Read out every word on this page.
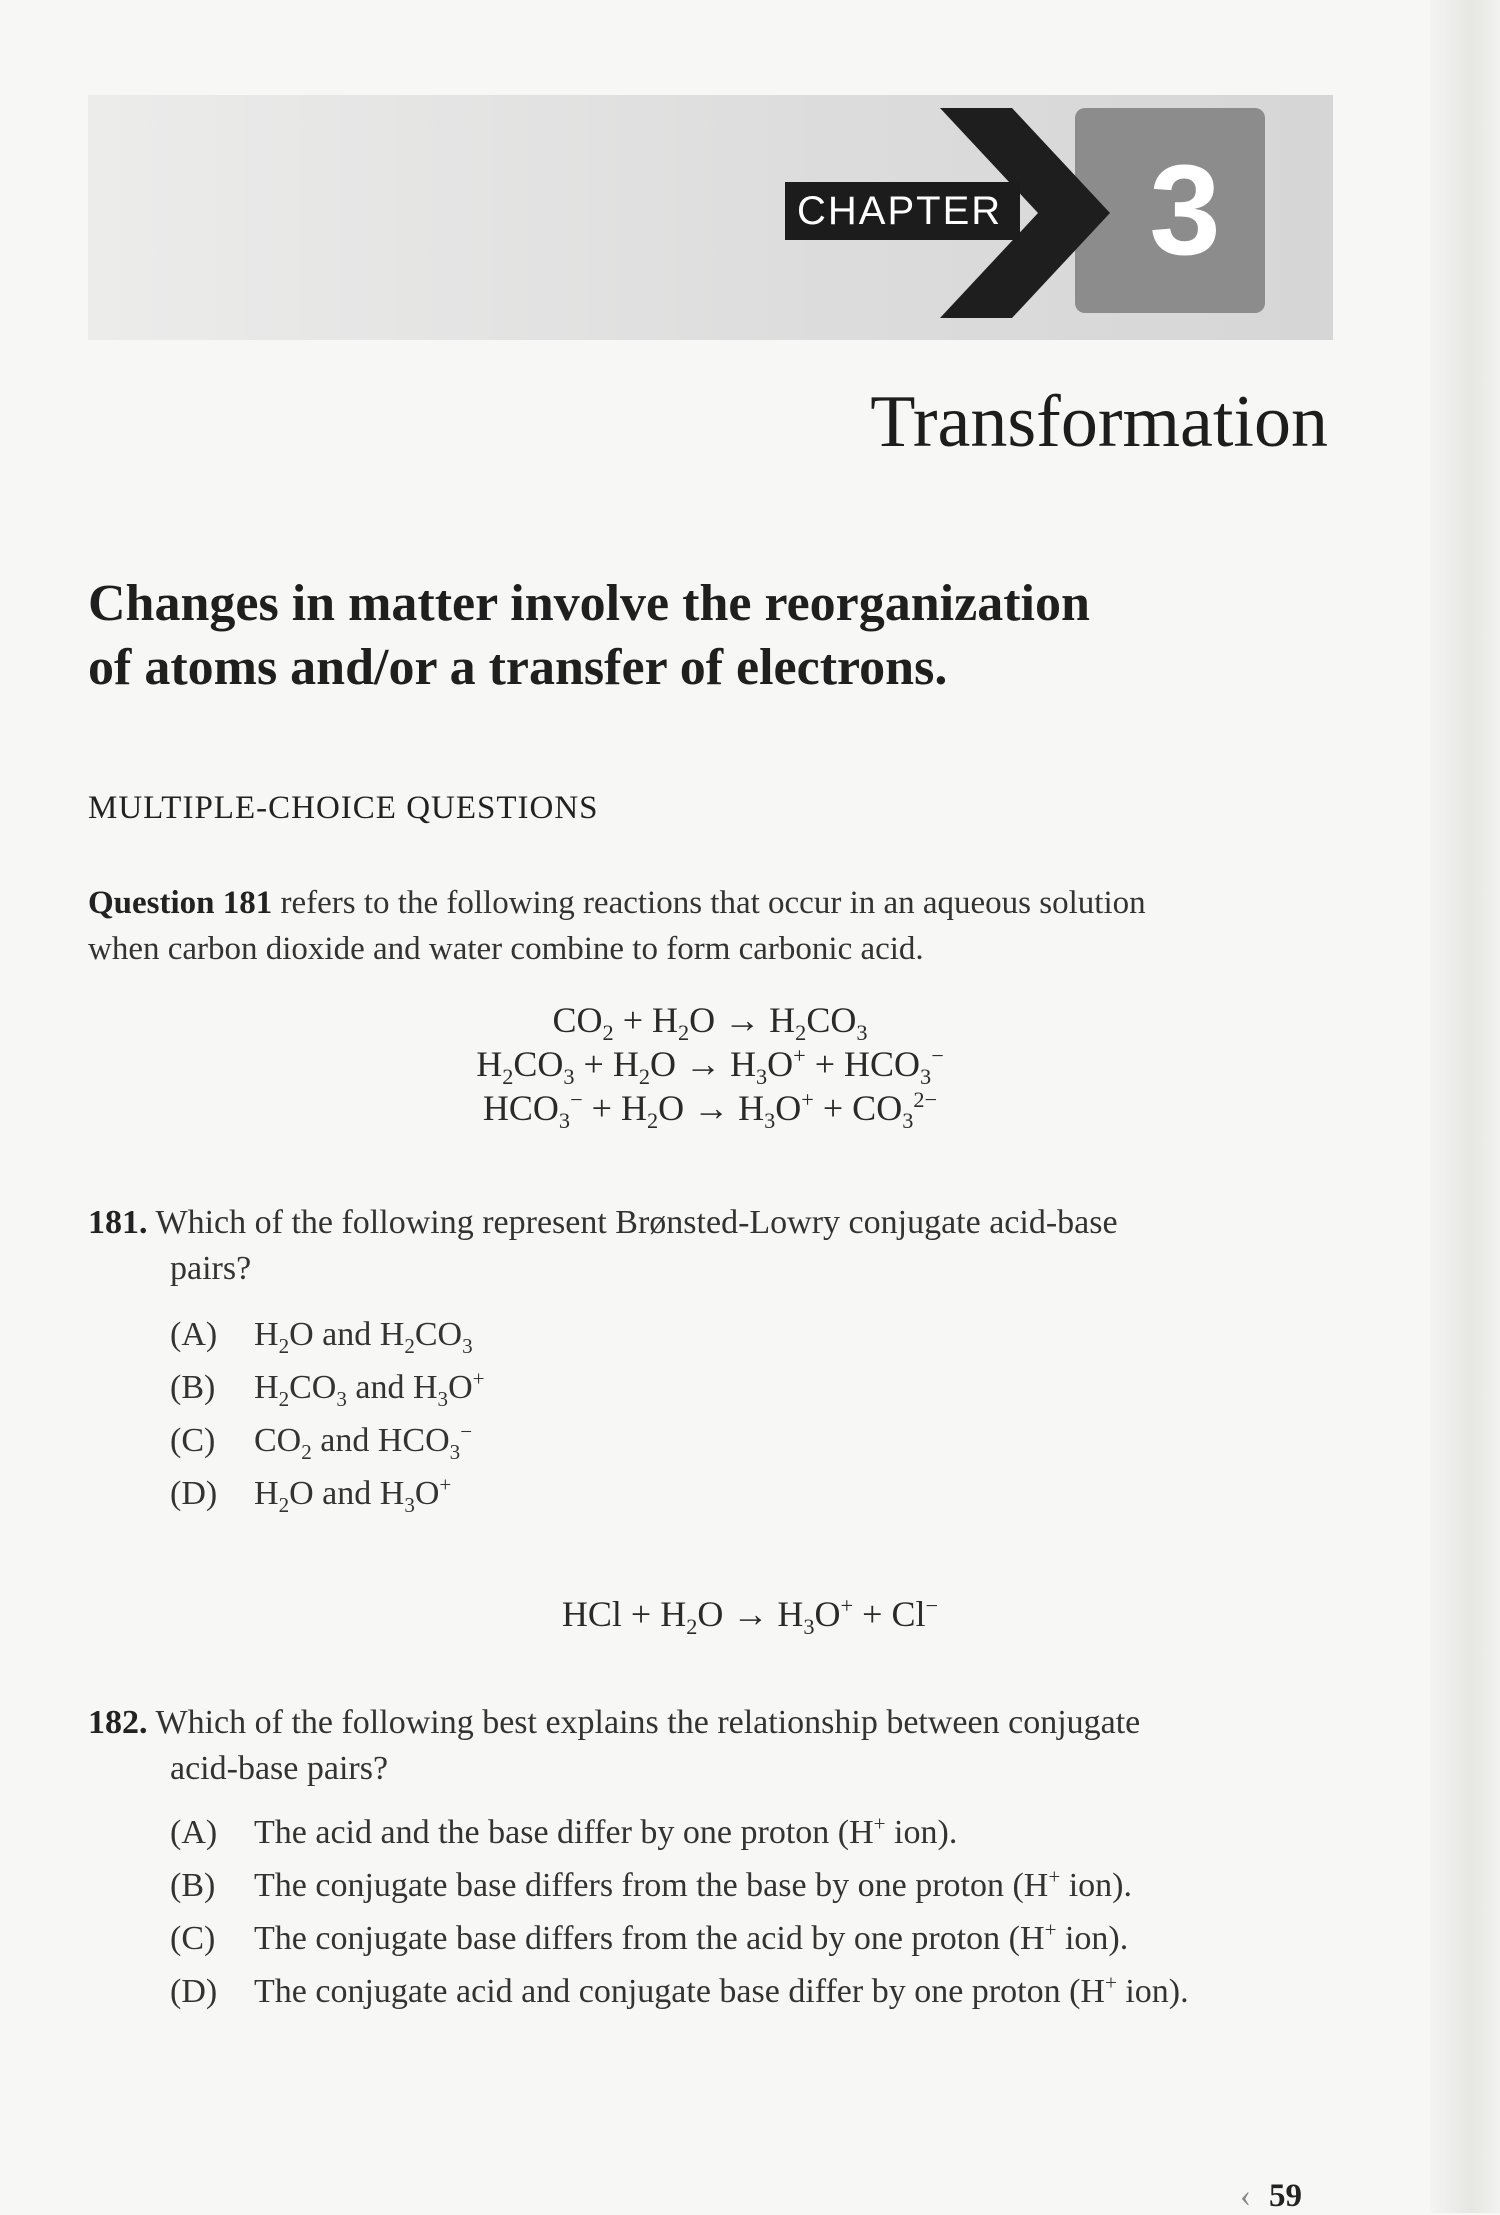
3
CHAPTER
Transformation
Changes in matter involve the reorganization
of atoms and/or a transfer of electrons.
MULTIPLE-CHOICE QUESTIONS
Question 181 refers to the following reactions that occur in an aqueous solution
when carbon dioxide and water combine to form carbonic acid.
$CO_2 + H_2O \to H_2CO_3$
$H_2CO_3 + H_2O \to H_3O^+ + HCO_3^-$
$HCO_3^- + H_2O \to H_3O^+ + CO_3^{2-}$
181. Which of the following represent Brønsted-Lowry conjugate acid-base
pairs?
(A) $H_2O$ and $H_2CO_3$
(B) $H_2CO_3$ and $H_3O^+$
(C) $CO_2$ and $HCO_3^-$
(D) $H_2O$ and $H_3O^+$
HCl + $H_2O \to H_3O^+ + Cl^-$
182. Which of the following best explains the relationship between conjugate
acid-base pairs?
(A) The acid and the base differ by one proton (H+ ion).
(B) The conjugate base differs from the base by one proton (H+ ion).
(C) The conjugate base differs from the acid by one proton (H+ ion).
(D) The conjugate acid and conjugate base differ by one proton (H+ ion).
‹ 59
